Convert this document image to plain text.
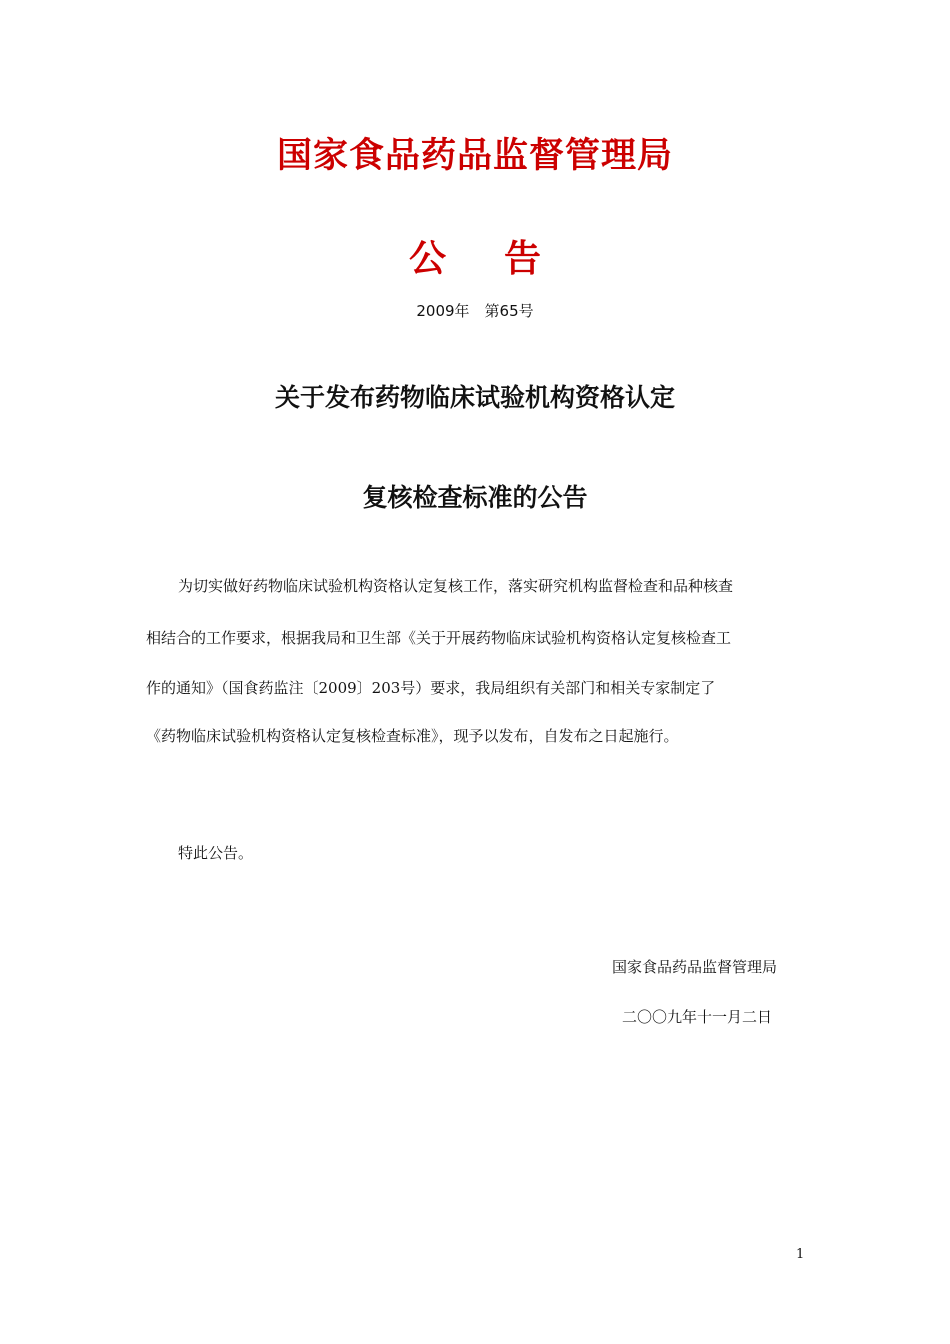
国家食品药品监督管理局
公 告
2009年　第65号
关于发布药物临床试验机构资格认定
复核检查标准的公告
为切实做好药物临床试验机构资格认定复核工作，落实研究机构监督检查和品种核查
相结合的工作要求，根据我局和卫生部《关于开展药物临床试验机构资格认定复核检查工
作的通知》（国食药监注〔2009〕203号）要求，我局组织有关部门和相关专家制定了
《药物临床试验机构资格认定复核检查标准》，现予以发布，自发布之日起施行。
特此公告。
国家食品药品监督管理局
二〇〇九年十一月二日
1
